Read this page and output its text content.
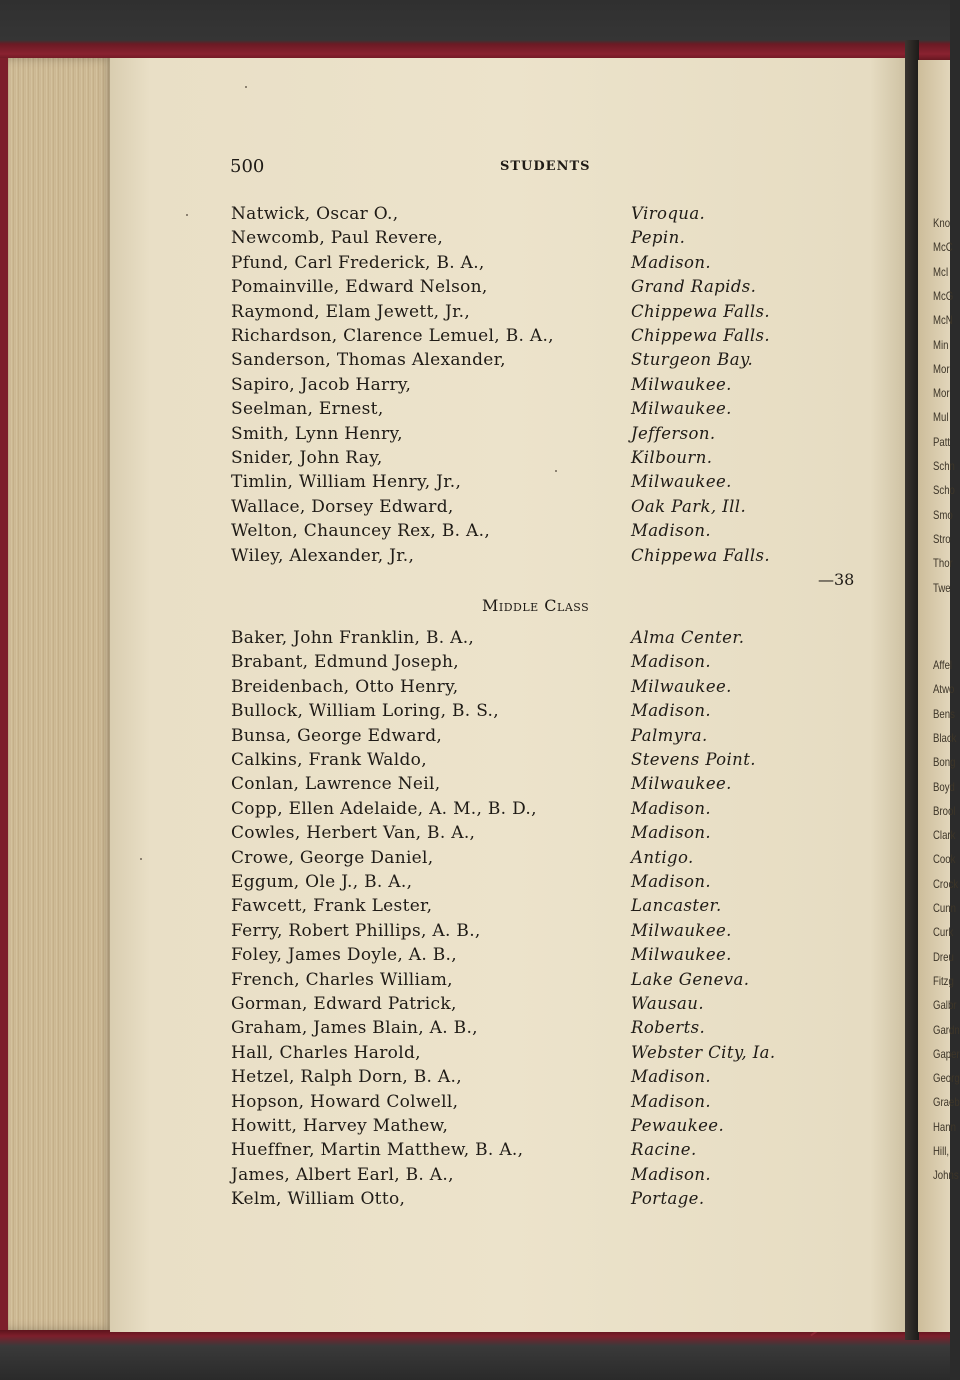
Kno
McC
McI
McG
McN
Min
Mor
Mor
Mul
Patt
Schn
Scho
Smo
Stro
Thor
Twe
Affel
Atwo
Bens
Black
Bong
Boyd
Brool
Clark
Cook
Crock
Cunn
Curk
Dreu
Fitzg
Galbr
Gardn
Gaper
Georg
Graeb
Hann
Hill,
Johns
500	STUDENTS
—38
Middle Class
Natwick, Oscar O.,	Viroqua.
Newcomb, Paul Revere,	Pepin.
Pfund, Carl Frederick, B. A.,	Madison.
Pomainville, Edward Nelson,	Grand Rapids.
Raymond, Elam Jewett, Jr.,	Chippewa Falls.
Richardson, Clarence Lemuel, B. A.,	Chippewa Falls.
Sanderson, Thomas Alexander,	Sturgeon Bay.
Sapiro, Jacob Harry,	Milwaukee.
Seelman, Ernest,	Milwaukee.
Smith, Lynn Henry,	Jefferson.
Snider, John Ray,	Kilbourn.
Timlin, William Henry, Jr.,	Milwaukee.
Wallace, Dorsey Edward,	Oak Park, Ill.
Welton, Chauncey Rex, B. A.,	Madison.
Wiley, Alexander, Jr.,	Chippewa Falls.
Baker, John Franklin, B. A.,	Alma Center.
Brabant, Edmund Joseph,	Madison.
Breidenbach, Otto Henry,	Milwaukee.
Bullock, William Loring, B. S.,	Madison.
Bunsa, George Edward,	Palmyra.
Calkins, Frank Waldo,	Stevens Point.
Conlan, Lawrence Neil,	Milwaukee.
Copp, Ellen Adelaide, A. M., B. D.,	Madison.
Cowles, Herbert Van, B. A.,	Madison.
Crowe, George Daniel,	Antigo.
Eggum, Ole J., B. A.,	Madison.
Fawcett, Frank Lester,	Lancaster.
Ferry, Robert Phillips, A. B.,	Milwaukee.
Foley, James Doyle, A. B.,	Milwaukee.
French, Charles William,	Lake Geneva.
Gorman, Edward Patrick,	Wausau.
Graham, James Blain, A. B.,	Roberts.
Hall, Charles Harold,	Webster City, Ia.
Hetzel, Ralph Dorn, B. A.,	Madison.
Hopson, Howard Colwell,	Madison.
Howitt, Harvey Mathew,	Pewaukee.
Hueffner, Martin Matthew, B. A.,	Racine.
James, Albert Earl, B. A.,	Madison.
Kelm, William Otto,	Portage.
